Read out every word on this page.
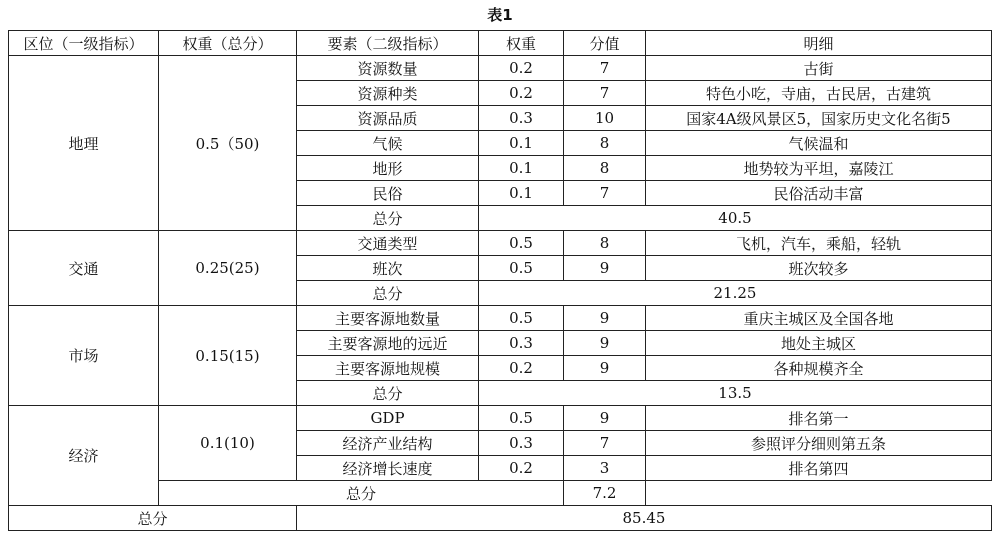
表1
区位（一级指标）	权重（总分）	要素（二级指标）	权重	分值	明细
地理	0.5（50)	资源数量	0.2	7	古街
		资源种类	0.2	7	特色小吃，寺庙，古民居，古建筑
		资源品质	0.3	10	国家4A级风景区5，国家历史文化名街5
		气候	0.1	8	气候温和
		地形	0.1	8	地势较为平坦，嘉陵江
		民俗	0.1	7	民俗活动丰富
		总分	40.5		
交通	0.25(25)	交通类型	0.5	8	飞机，汽车，乘船，轻轨
		班次	0.5	9	班次较多
		总分	21.25		
市场	0.15(15)	主要客源地数量	0.5	9	重庆主城区及全国各地
		主要客源地的远近	0.3	9	地处主城区
		主要客源地规模	0.2	9	各种规模齐全
		总分	13.5		
经济	0.1(10)	GDP	0.5	9	排名第一
		经济产业结构	0.3	7	参照评分细则第五条
		经济增长速度	0.2	3	排名第四
	总分			7.2	
总分		85.45			
